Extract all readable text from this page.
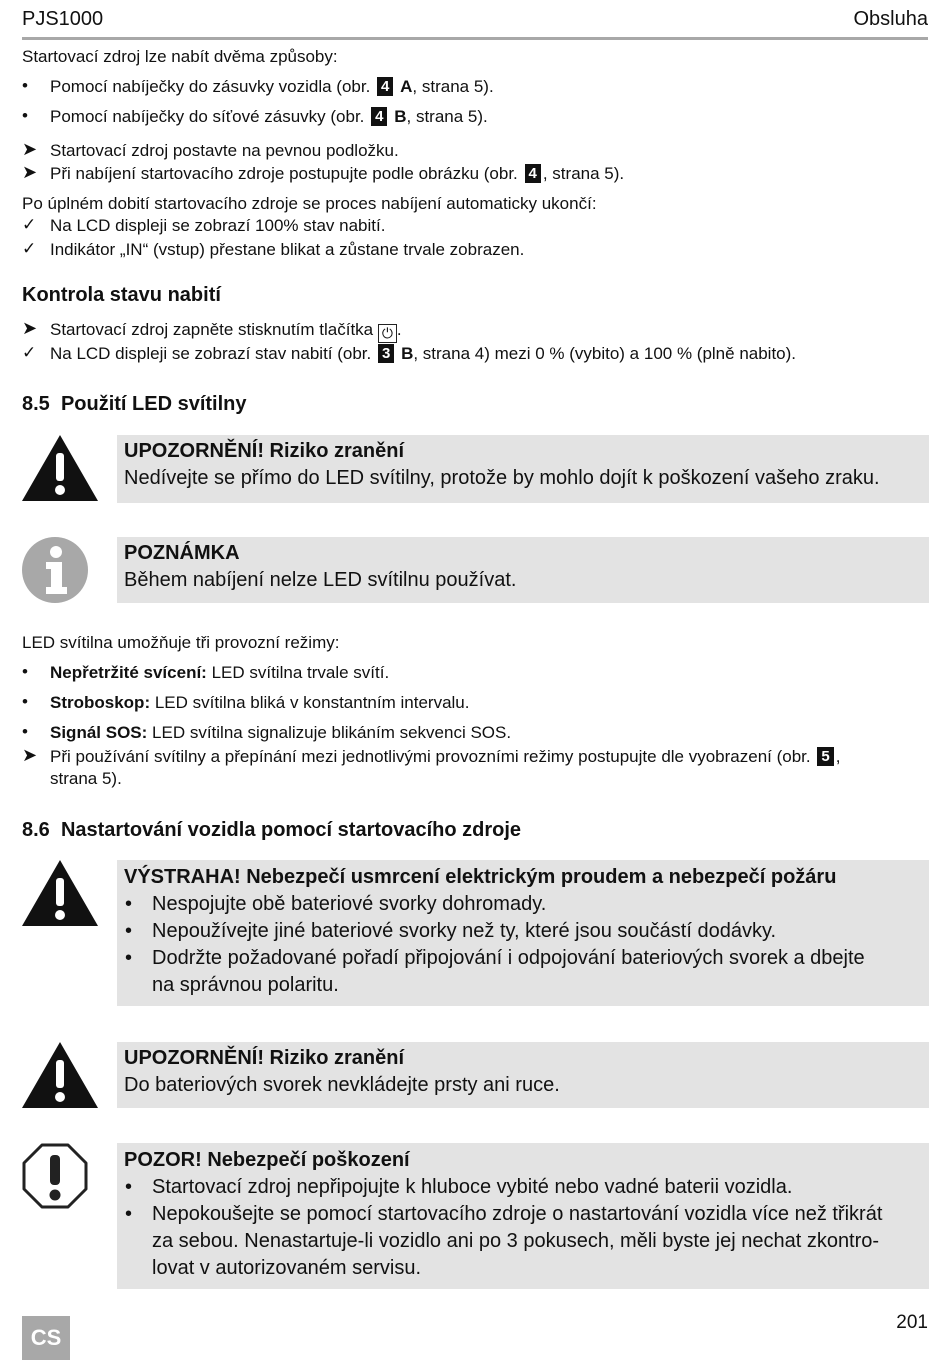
PJS1000	Obsluha
Startovací zdroj lze nabít dvěma způsoby:
• Pomocí nabíječky do zásuvky vozidla (obr. 4 A, strana 5).
• Pomocí nabíječky do síťové zásuvky (obr. 4 B, strana 5).
➤ Startovací zdroj postavte na pevnou podložku.
➤ Při nabíjení startovacího zdroje postupujte podle obrázku (obr. 4 , strana 5).
Po úplném dobití startovacího zdroje se proces nabíjení automaticky ukončí:
✓ Na LCD displeji se zobrazí 100% stav nabití.
✓ Indikátor „IN“ (vstup) přestane blikat a zůstane trvale zobrazen.
Kontrola stavu nabití
➤ Startovací zdroj zapněte stisknutím tlačítka ⏻ .
✓ Na LCD displeji se zobrazí stav nabití (obr. 3 B, strana 4) mezi 0 % (vybito) a 100 % (plně nabito).
8.5 Použití LED svítilny
UPOZORNĚNÍ! Riziko zranění
Nedívejte se přímo do LED svítilny, protože by mohlo dojít k poškození vašeho zraku.
POZNÁMKA
Během nabíjení nelze LED svítilnu používat.
LED svítilna umožňuje tři provozní režimy:
• Nepřetržité svícení: LED svítilna trvale svítí.
• Stroboskop: LED svítilna bliká v konstantním intervalu.
• Signál SOS: LED svítilna signalizuje blikáním sekvenci SOS.
➤ Při používání svítilny a přepínání mezi jednotlivými provozními režimy postupujte dle vyobrazení (obr. 5 ,
strana 5).
8.6 Nastartování vozidla pomocí startovacího zdroje
VÝSTRAHA! Nebezpečí usmrcení elektrickým proudem a nebezpečí požáru
• Nespojujte obě bateriové svorky dohromady.
• Nepoužívejte jiné bateriové svorky než ty, které jsou součástí dodávky.
• Dodržte požadované pořadí připojování i odpojování bateriových svorek a dbejte
na správnou polaritu.
UPOZORNĚNÍ! Riziko zranění
Do bateriových svorek nevkládejte prsty ani ruce.
POZOR! Nebezpečí poškození
• Startovací zdroj nepřipojujte k hluboce vybité nebo vadné baterii vozidla.
• Nepokoušejte se pomocí startovacího zdroje o nastartování vozidla více než třikrát
za sebou. Nenastartuje-li vozidlo ani po 3 pokusech, měli byste jej nechat zkontro-
lovat v autorizovaném servisu.
CS
201
